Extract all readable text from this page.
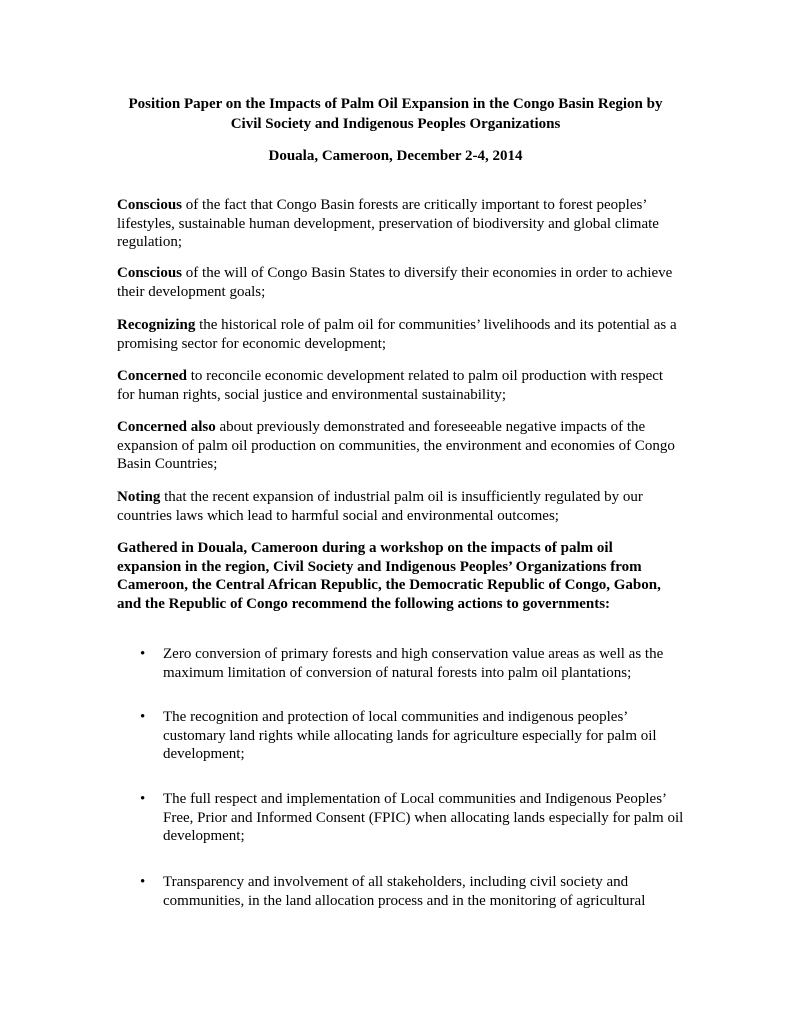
Position Paper on the Impacts of Palm Oil Expansion in the Congo Basin Region by
Civil Society and Indigenous Peoples Organizations

Douala, Cameroon, December 2-4, 2014

Conscious of the fact that Congo Basin forests are critically important to forest peoples’ lifestyles, sustainable human development, preservation of biodiversity and global climate regulation;

Conscious of the will of Congo Basin States to diversify their economies in order to achieve their development goals;

Recognizing the historical role of palm oil for communities’ livelihoods and its potential as a promising sector for economic development;

Concerned to reconcile economic development related to palm oil production with respect for human rights, social justice and environmental sustainability;

Concerned also about previously demonstrated and foreseeable negative impacts of the expansion of palm oil production on communities, the environment and economies of Congo Basin Countries;

Noting that the recent expansion of industrial palm oil is insufficiently regulated by our countries laws which lead to harmful social and environmental outcomes;

Gathered in Douala, Cameroon during a workshop on the impacts of palm oil expansion in the region, Civil Society and Indigenous Peoples’ Organizations from Cameroon, the Central African Republic, the Democratic Republic of Congo, Gabon, and the Republic of Congo recommend the following actions to governments:

•	Zero conversion of primary forests and high conservation value areas as well as the maximum limitation of conversion of natural forests into palm oil plantations;
•	The recognition and protection of local communities and indigenous peoples’ customary land rights while allocating lands for agriculture especially for palm oil development;
•	The full respect and implementation of Local communities and Indigenous Peoples’ Free, Prior and Informed Consent (FPIC) when allocating lands especially for palm oil development;
•	Transparency and involvement of all stakeholders, including civil society and communities, in the land allocation process and in the monitoring of agricultural
